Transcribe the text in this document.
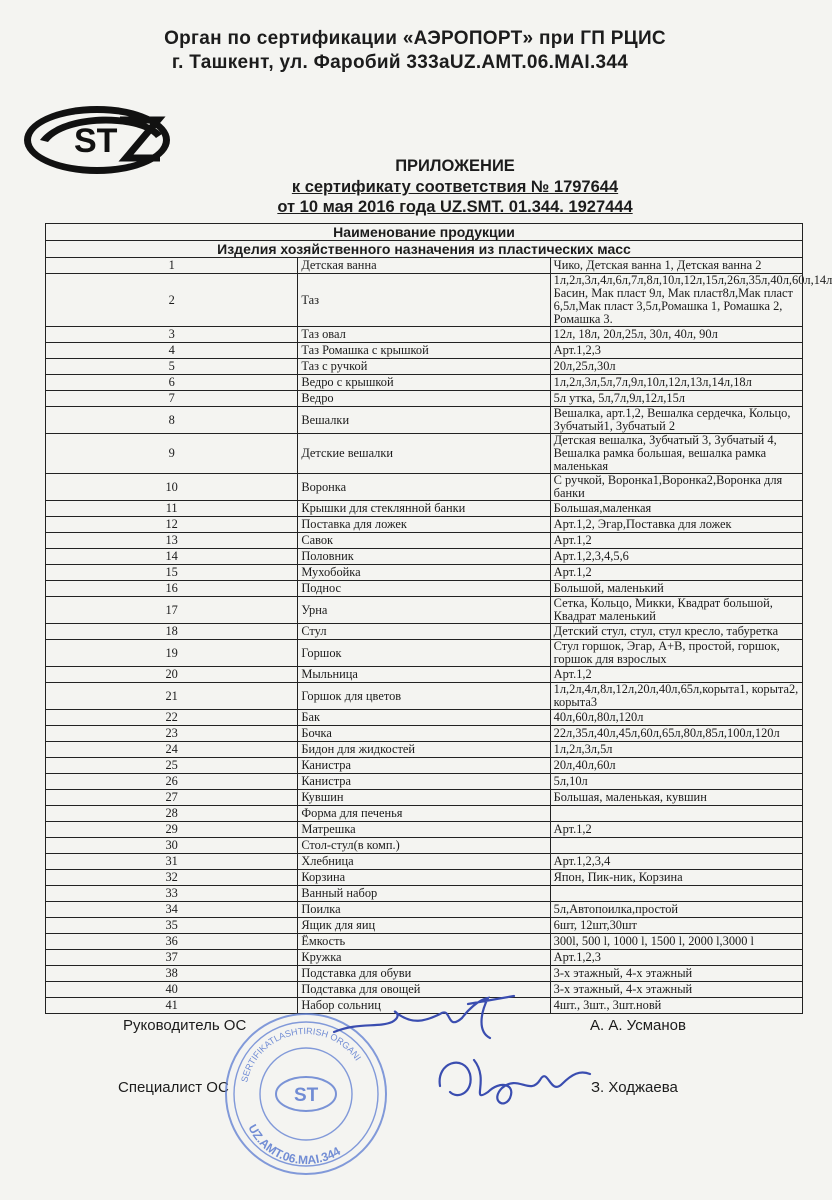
Орган по сертификации «АЭРОПОРТ» при ГП РЦИС
г. Ташкент, ул. Фаробий 333aUZ.AMT.06.MAI.344
ST
ПРИЛОЖЕНИЕ
к сертификату соответствия № 1797644
от 10 мая 2016 года UZ.SMT. 01.344. 1927444
Наименование продукции		
Изделия хозяйственного назначения из пластических масс		
1	Детская ванна	Чико, Детская ванна 1, Детская ванна 2
2	Таз	1л,2л,3л,4л,6л,7л,8л,10л,12л,15л,26л,35л,40л,60л,14л Басин, Мак пласт 9л, Мак пласт8л,Мак пласт 6,5л,Мак пласт 3,5л,Ромашка 1, Ромашка 2, Ромашка 3.
3	Таз овал	12л, 18л, 20л,25л, 30л, 40л, 90л
4	Таз Ромашка с крышкой	Арт.1,2,3
5	Таз с ручкой	20л,25л,30л
6	Ведро с крышкой	1л,2л,3л,5л,7л,9л,10л,12л,13л,14л,18л
7	Ведро	5л утка, 5л,7л,9л,12л,15л
8	Вешалки	Вешалка, арт.1,2, Вешалка сердечка, Кольцо, Зубчатый1, Зубчатый 2
9	Детские вешалки	Детская вешалка, Зубчатый 3, Зубчатый 4, Вешалка рамка большая, вешалка рамка маленькая
10	Воронка	С ручкой, Воронка1,Воронка2,Воронка для банки
11	Крышки для стеклянной банки	Большая,маленкая
12	Поставка для ложек	Арт.1,2, Эгар,Поставка для ложек
13	Савок	Арт.1,2
14	Половник	Арт.1,2,3,4,5,6
15	Мухобойка	Арт.1,2
16	Поднос	Большой, маленький
17	Урна	Сетка, Кольцо, Микки, Квадрат большой, Квадрат маленький
18	Стул	Детский стул, стул, стул кресло, табуретка
19	Горшок	Стул горшок, Эгар, А+В, простой, горшок, горшок для взрослых
20	Мыльница	Арт.1,2
21	Горшок для цветов	1л,2л,4л,8л,12л,20л,40л,65л,корыта1, корыта2, корыта3
22	Бак	40л,60л,80л,120л
23	Бочка	22л,35л,40л,45л,60л,65л,80л,85л,100л,120л
24	Бидон для жидкостей	1л,2л,3л,5л
25	Канистра	20л,40л,60л
26	Канистра	5л,10л
27	Кувшин	Большая, маленькая, кувшин
28	Форма для печенья	
29	Матрешка	Арт.1,2
30	Стол-стул(в комп.)	
31	Хлебница	Арт.1,2,3,4
32	Корзина	Япон, Пик-ник, Корзина
33	Ванный набор	
34	Поилка	5л,Автопоилка,простой
35	Ящик для яиц	6шт, 12шт,30шт
36	Ёмкость	300l, 500 l, 1000 l, 1500 l, 2000 l,3000 l
37	Кружка	Арт.1,2,3
38	Подставка для обуви	3-х этажный, 4-х этажный
40	Подставка для овощей	3-х этажный, 4-х этажный
41	Набор сольниц	4шт., 3шт., 3шт.новй
Руководитель ОС	А. А. Усманов
Специалист ОС	З. Ходжаева
SERTIFIKATLASHTIRISH ORGANI
UZ.AMT.06.MAI.344
ST
